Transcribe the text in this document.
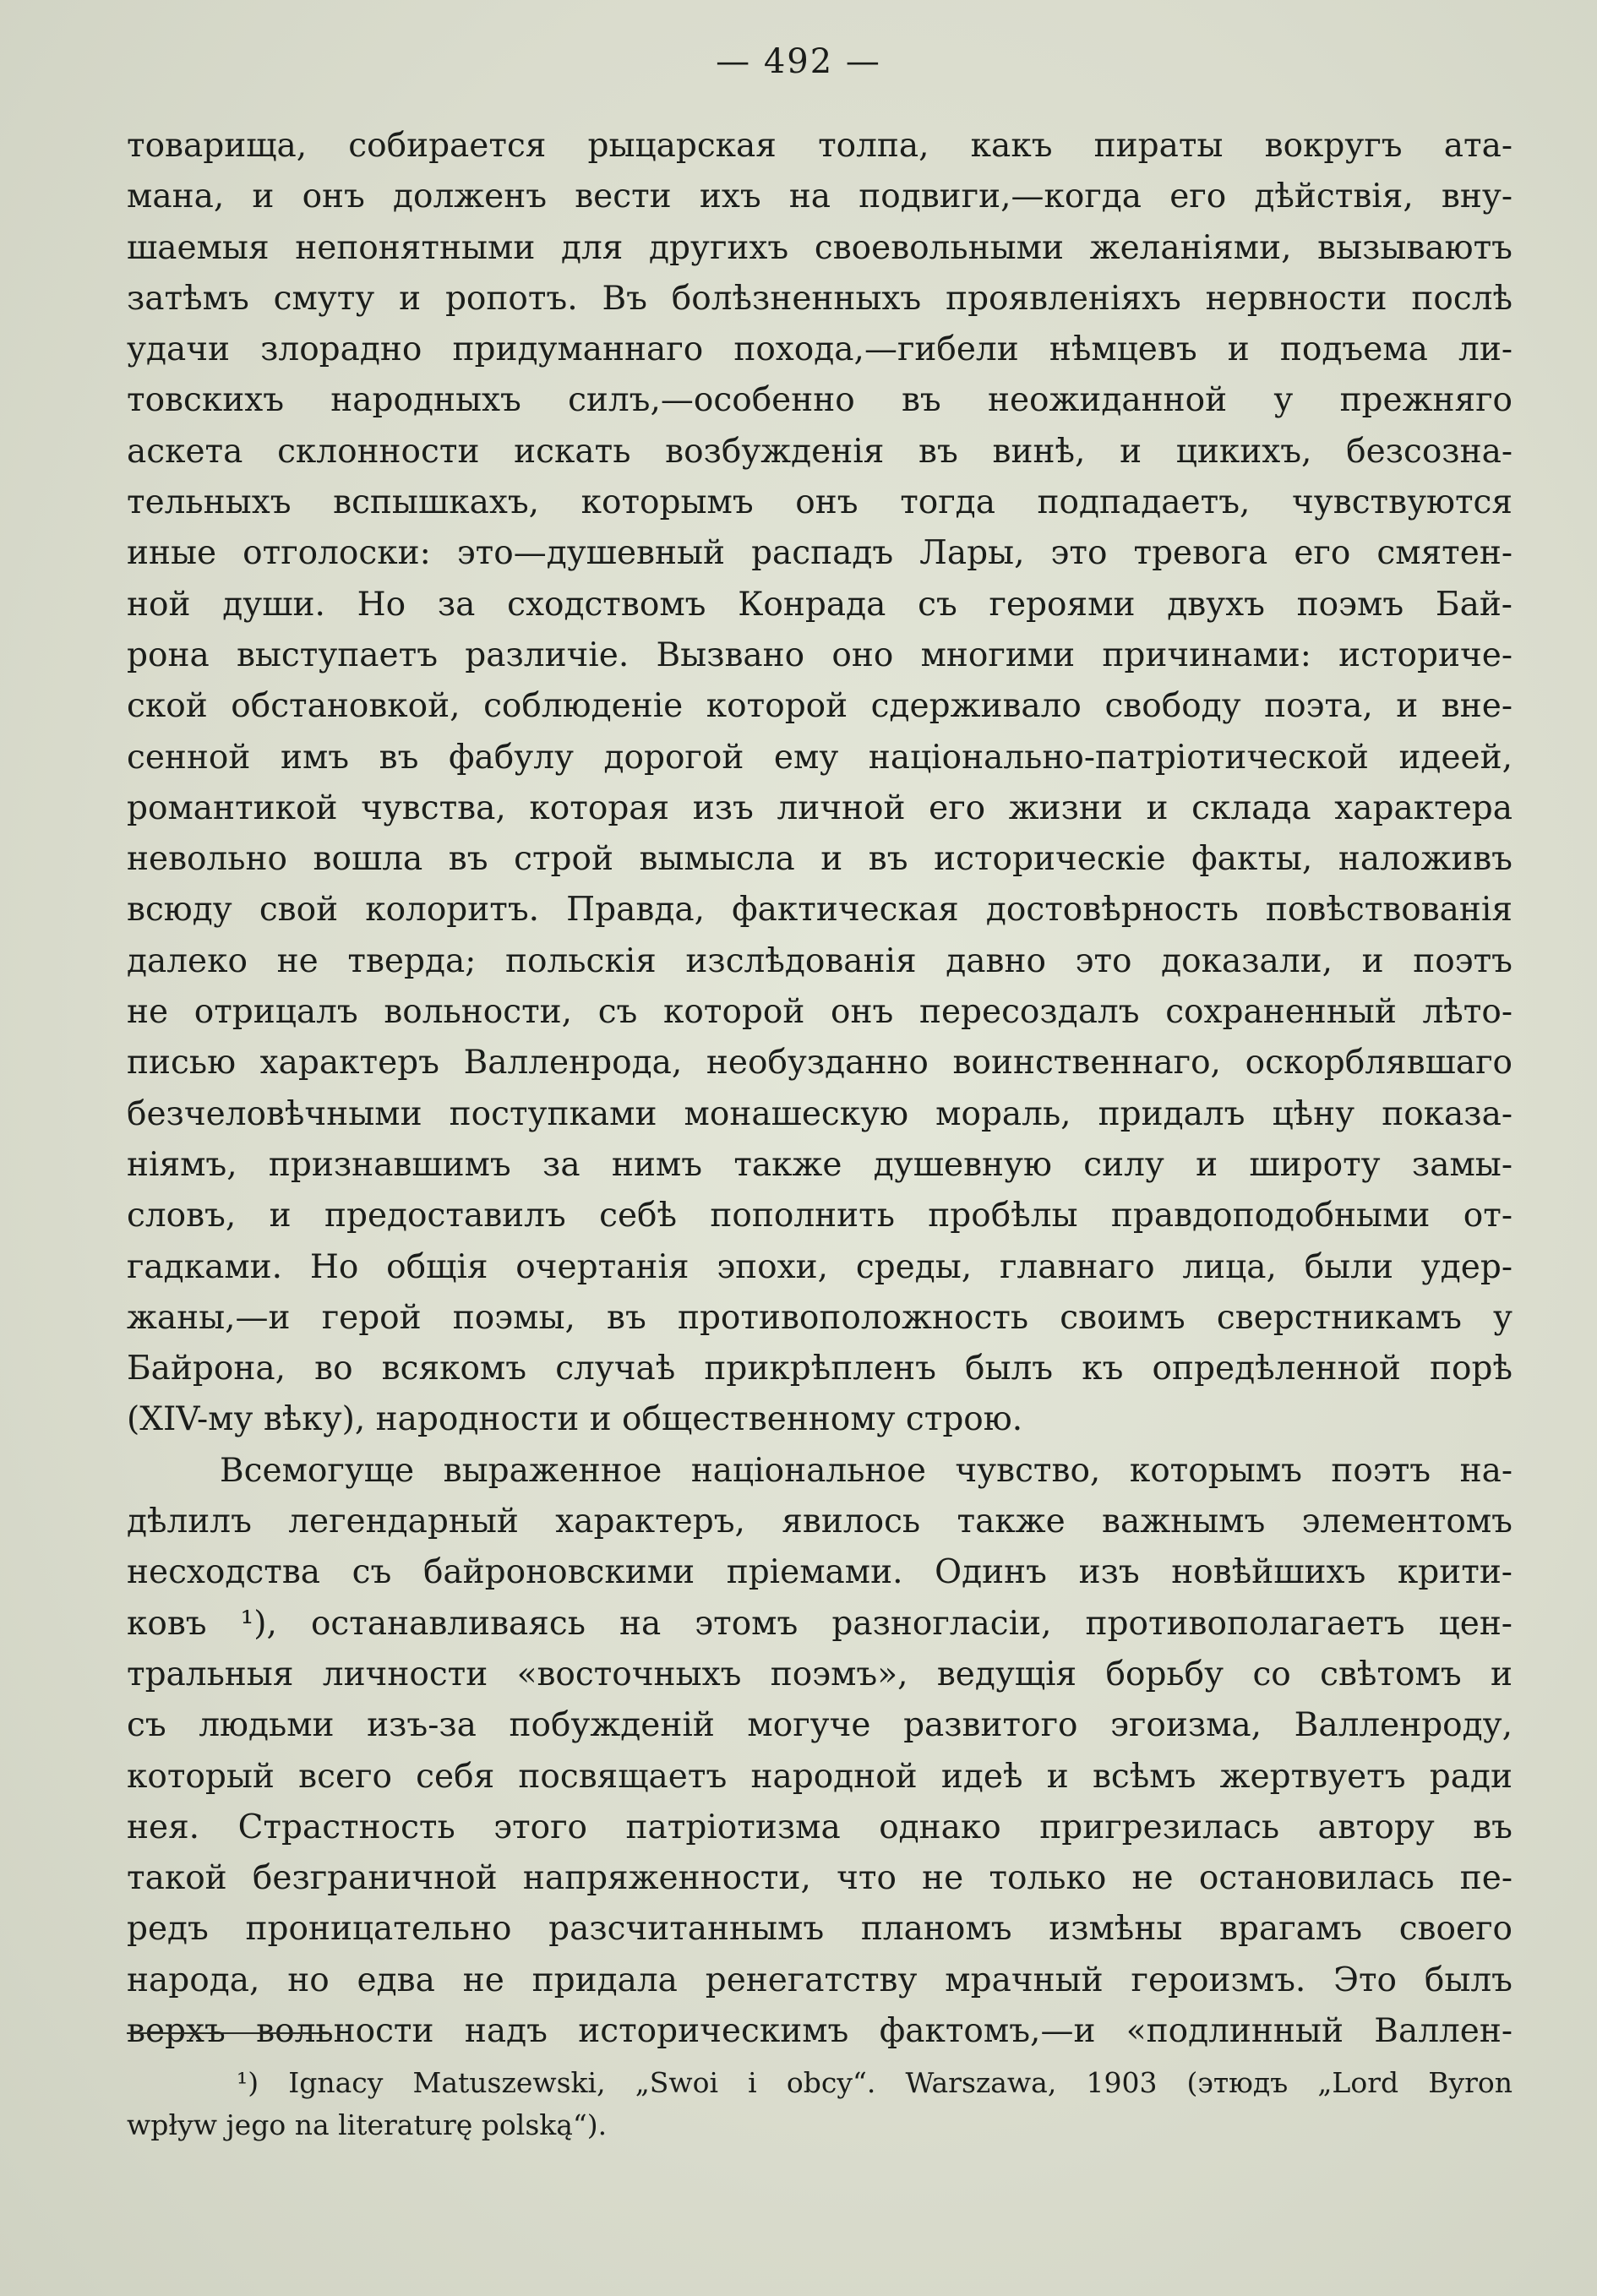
— 492 —
товарища, собирается рыцарская толпа, какъ пираты вокругъ ата-
мана, и онъ долженъ вести ихъ на подвиги,—когда его дѣйствія, вну-
шаемыя непонятными для другихъ своевольными желаніями, вызываютъ
затѣмъ смуту и ропотъ. Въ болѣзненныхъ проявленіяхъ нервности послѣ
удачи злорадно придуманнаго похода,—гибели нѣмцевъ и подъема ли-
товскихъ народныхъ силъ,—особенно въ неожиданной у прежняго
аскета склонности искать возбужденія въ винѣ, и цикихъ, безсозна-
тельныхъ вспышкахъ, которымъ онъ тогда подпадаетъ, чувствуются
иные отголоски: это—душевный распадъ Лары, это тревога его смятен-
ной души. Но за сходствомъ Конрада съ героями двухъ поэмъ Бай-
рона выступаетъ различіе. Вызвано оно многими причинами: историче-
ской обстановкой, соблюденіе которой сдерживало свободу поэта, и вне-
сенной имъ въ фабулу дорогой ему національно-патріотической идеей,
романтикой чувства, которая изъ личной его жизни и склада характера
невольно вошла въ строй вымысла и въ историческіе факты, наложивъ
всюду свой колоритъ. Правда, фактическая достовѣрность повѣствованія
далеко не тверда; польскія изслѣдованія давно это доказали, и поэтъ
не отрицалъ вольности, съ которой онъ пересоздалъ сохраненный лѣто-
писью характеръ Валленрода, необузданно воинственнаго, оскорблявшаго
безчеловѣчными поступками монашескую мораль, придалъ цѣну показа-
ніямъ, признавшимъ за нимъ также душевную силу и широту замы-
словъ, и предоставилъ себѣ пополнить пробѣлы правдоподобными от-
гадками. Но общія очертанія эпохи, среды, главнаго лица, были удер-
жаны,—и герой поэмы, въ противоположность своимъ сверстникамъ у
Байрона, во всякомъ случаѣ прикрѣпленъ былъ къ опредѣленной порѣ
(XIV-му вѣку), народности и общественному строю.
Всемогуще выраженное національное чувство, которымъ поэтъ на-
дѣлилъ легендарный характеръ, явилось также важнымъ элементомъ
несходства съ байроновскими пріемами. Одинъ изъ новѣйшихъ крити-
ковъ ¹), останавливаясь на этомъ разногласіи, противополагаетъ цен-
тральныя личности «восточныхъ поэмъ», ведущія борьбу со свѣтомъ и
съ людьми изъ-за побужденій могуче развитого эгоизма, Валленроду,
который всего себя посвящаетъ народной идеѣ и всѣмъ жертвуетъ ради
нея. Страстность этого патріотизма однако пригрезилась автору въ
такой безграничной напряженности, что не только не остановилась пе-
редъ проницательно разсчитаннымъ планомъ измѣны врагамъ своего
народа, но едва не придала ренегатству мрачный героизмъ. Это былъ
верхъ вольности надъ историческимъ фактомъ,—и «подлинный Валлен-
¹) Ignacy Matuszewski, „Swoi i obcy“. Warszawa, 1903 (этюдъ „Lord Byron
wpływ jego na literaturę polską“).
